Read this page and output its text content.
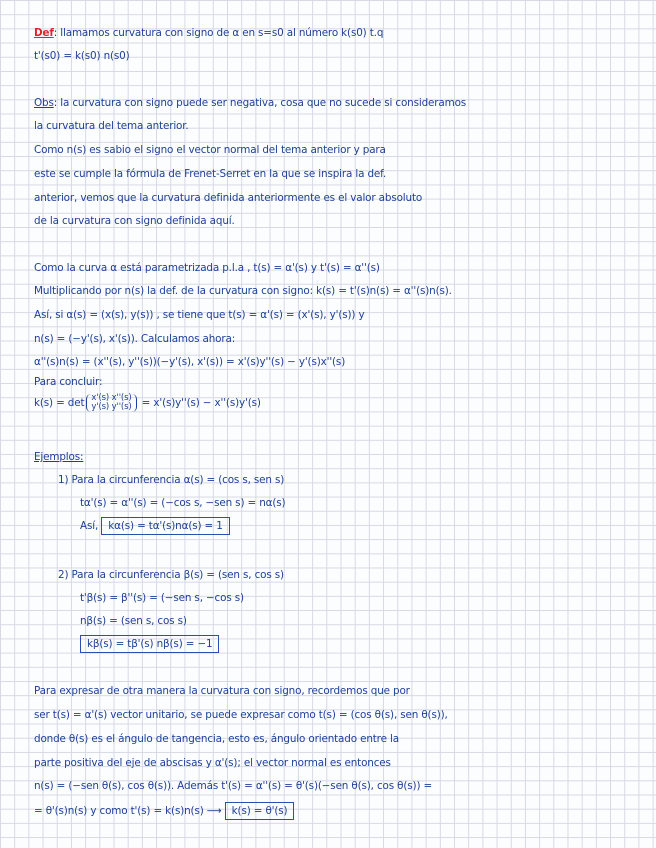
Def: llamamos curvatura con signo de α en s=s0 al número k(s0) t.q
t'(s0) = k(s0) n(s0)
Obs: la curvatura con signo puede ser negativa, cosa que no sucede si consideramos
la curvatura del tema anterior.
Como n(s) es sabio el signo el vector normal del tema anterior y para
este se cumple la fórmula de Frenet-Serret en la que se inspira la def.
anterior, vemos que la curvatura definida anteriormente es el valor absoluto
de la curvatura con signo definida aquí.
Como la curva α está parametrizada p.l.a , t(s) = α'(s) y t'(s) = α''(s)
Multiplicando por n(s) la def. de la curvatura con signo: k(s) = t'(s)n(s) = α''(s)n(s).
Así, si α(s) = (x(s), y(s)) , se tiene que t(s) = α'(s) = (x'(s), y'(s)) y
n(s) = (−y'(s), x'(s)). Calculamos ahora:
α''(s)n(s) = (x''(s), y''(s))(−y'(s), x'(s)) = x'(s)y''(s) − y'(s)x''(s)
Para concluir:
k(s) = det x'(s) x''(s)
y'(s) y''(s) = x'(s)y''(s) − x''(s)y'(s)
Ejemplos:
1) Para la circunferencia α(s) = (cos s, sen s)
tα'(s) = α''(s) = (−cos s, −sen s) = nα(s)
Así, kα(s) = tα'(s)nα(s) = 1
2) Para la circunferencia β(s) = (sen s, cos s)
t'β(s) = β''(s) = (−sen s, −cos s)
nβ(s) = (sen s, cos s)
kβ(s) = tβ'(s) nβ(s) = −1
Para expresar de otra manera la curvatura con signo, recordemos que por
ser t(s) = α'(s) vector unitario, se puede expresar como t(s) = (cos θ(s), sen θ(s)),
donde θ(s) es el ángulo de tangencia, esto es, ángulo orientado entre la
parte positiva del eje de abscisas y α'(s); el vector normal es entonces
n(s) = (−sen θ(s), cos θ(s)). Además t'(s) = α''(s) = θ'(s)(−sen θ(s), cos θ(s)) =
= θ'(s)n(s) y como t'(s) = k(s)n(s) ⟶ k(s) = θ'(s)
